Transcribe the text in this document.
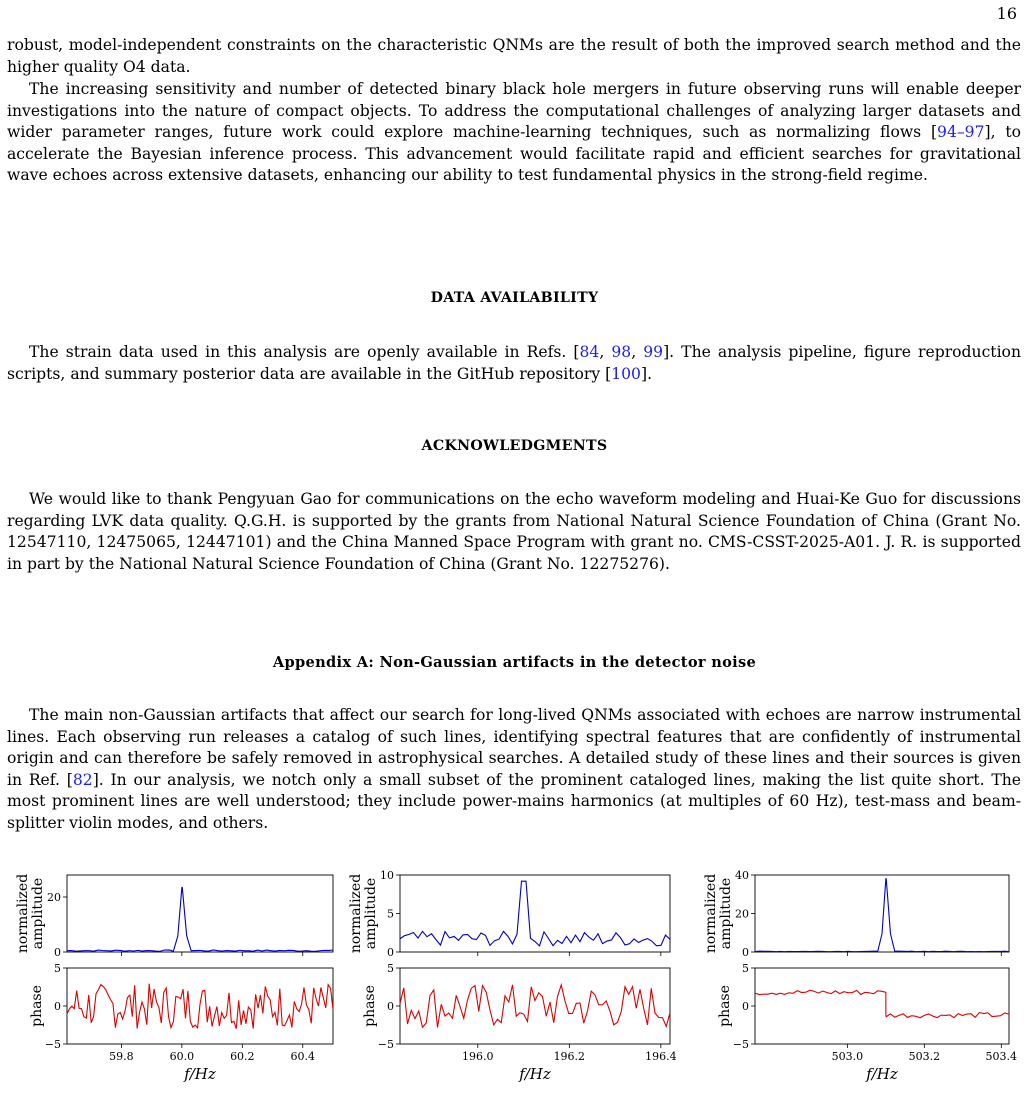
16

robust, model-independent constraints on the characteristic QNMs are the result of both the improved search method and the higher quality O4 data.

The increasing sensitivity and number of detected binary black hole mergers in future observing runs will enable deeper investigations into the nature of compact objects. To address the computational challenges of analyzing larger datasets and wider parameter ranges, future work could explore machine-learning techniques, such as normalizing flows [94–97], to accelerate the Bayesian inference process. This advancement would facilitate rapid and efficient searches for gravitational wave echoes across extensive datasets, enhancing our ability to test fundamental physics in the strong-field regime.

DATA AVAILABILITY

The strain data used in this analysis are openly available in Refs. [84, 98, 99]. The analysis pipeline, figure reproduction scripts, and summary posterior data are available in the GitHub repository [100].

ACKNOWLEDGMENTS

We would like to thank Pengyuan Gao for communications on the echo waveform modeling and Huai-Ke Guo for discussions regarding LVK data quality. Q.G.H. is supported by the grants from National Natural Science Foundation of China (Grant No. 12547110, 12475065, 12447101) and the China Manned Space Program with grant no. CMS-CSST-2025-A01. J. R. is supported in part by the National Natural Science Foundation of China (Grant No. 12275276).

Appendix A: Non-Gaussian artifacts in the detector noise

The main non-Gaussian artifacts that affect our search for long-lived QNMs associated with echoes are narrow instrumental lines. Each observing run releases a catalog of such lines, identifying spectral features that are confidently of instrumental origin and can therefore be safely removed in astrophysical searches. A detailed study of these lines and their sources is given in Ref. [82]. In our analysis, we notch only a small subset of the prominent cataloged lines, making the list quite short. The most prominent lines are well understood; they include power-mains harmonics (at multiples of 60 Hz), test-mass and beam-splitter violin modes, and others.

0
20
−5
0
5
59.8	60.0	60.2	60.4
normalized amplitude
phase
f/Hz
0
5
10
−5
0
5
196.0	196.2	196.4
normalized amplitude
phase
f/Hz
0
20
40
−5
0
5
503.0	503.2	503.4
normalized amplitude
phase
f/Hz
